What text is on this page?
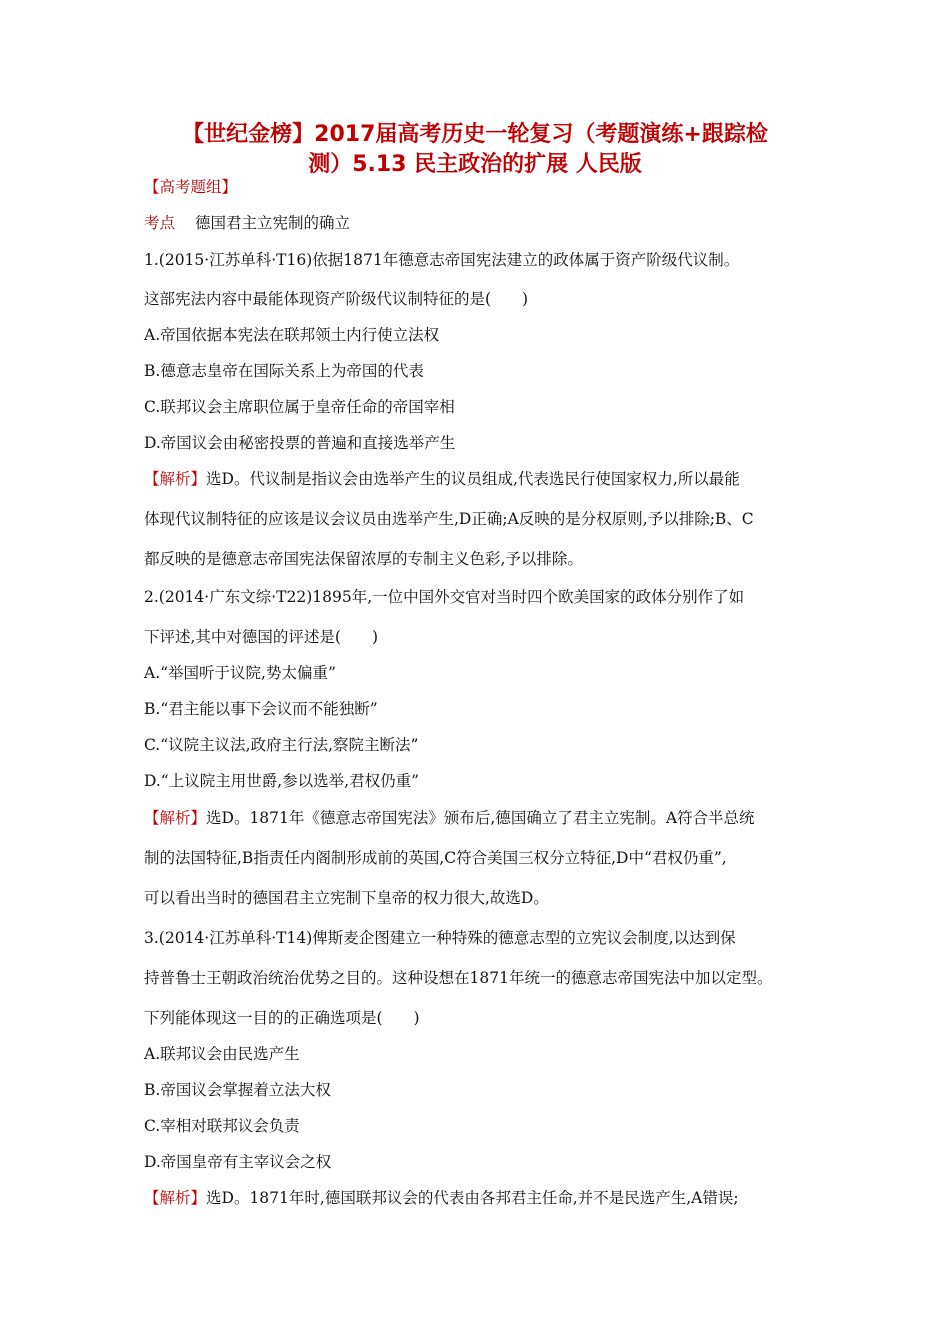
【世纪金榜】2017届高考历史一轮复习（考题演练+跟踪检
测）5.13 民主政治的扩展 人民版
【高考题组】
考点 德国君主立宪制的确立
1.(2015·江苏单科·T16)依据1871年德意志帝国宪法建立的政体属于资产阶级代议制。
这部宪法内容中最能体现资产阶级代议制特征的是(　　)
A.帝国依据本宪法在联邦领土内行使立法权
B.德意志皇帝在国际关系上为帝国的代表
C.联邦议会主席职位属于皇帝任命的帝国宰相
D.帝国议会由秘密投票的普遍和直接选举产生
【解析】选D。代议制是指议会由选举产生的议员组成,代表选民行使国家权力,所以最能
体现代议制特征的应该是议会议员由选举产生,D正确;A反映的是分权原则,予以排除;B、C
都反映的是德意志帝国宪法保留浓厚的专制主义色彩,予以排除。
2.(2014·广东文综·T22)1895年,一位中国外交官对当时四个欧美国家的政体分别作了如
下评述,其中对德国的评述是(　　)
A.“举国听于议院,势太偏重”
B.“君主能以事下会议而不能独断”
C.“议院主议法,政府主行法,察院主断法”
D.“上议院主用世爵,参以选举,君权仍重”
【解析】选D。1871年《德意志帝国宪法》颁布后,德国确立了君主立宪制。A符合半总统
制的法国特征,B指责任内阁制形成前的英国,C符合美国三权分立特征,D中“君权仍重”,
可以看出当时的德国君主立宪制下皇帝的权力很大,故选D。
3.(2014·江苏单科·T14)俾斯麦企图建立一种特殊的德意志型的立宪议会制度,以达到保
持普鲁士王朝政治统治优势之目的。这种设想在1871年统一的德意志帝国宪法中加以定型。
下列能体现这一目的的正确选项是(　　)
A.联邦议会由民选产生
B.帝国议会掌握着立法大权
C.宰相对联邦议会负责
D.帝国皇帝有主宰议会之权
【解析】选D。1871年时,德国联邦议会的代表由各邦君主任命,并不是民选产生,A错误;
